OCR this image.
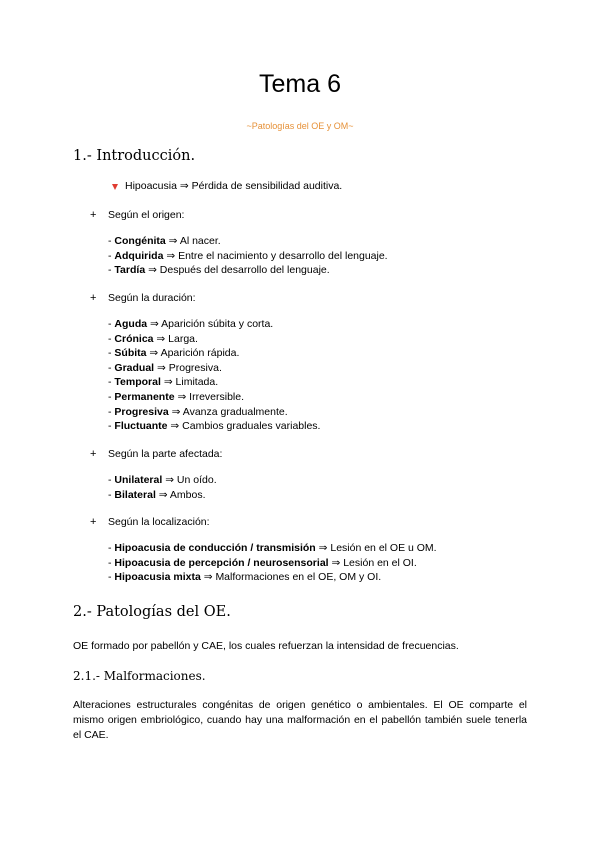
Tema 6
~Patologías del OE y OM~
1.- Introducción.
Hipoacusia ⇒ Pérdida de sensibilidad auditiva.
+ Según el origen:
- Congénita ⇒ Al nacer.
- Adquirida ⇒ Entre el nacimiento y desarrollo del lenguaje.
- Tardía ⇒ Después del desarrollo del lenguaje.
+ Según la duración:
- Aguda ⇒ Aparición súbita y corta.
- Crónica ⇒ Larga.
- Súbita ⇒ Aparición rápida.
- Gradual ⇒ Progresiva.
- Temporal ⇒ Limitada.
- Permanente ⇒ Irreversible.
- Progresiva ⇒ Avanza gradualmente.
- Fluctuante ⇒ Cambios graduales variables.
+ Según la parte afectada:
- Unilateral ⇒ Un oído.
- Bilateral ⇒ Ambos.
+ Según la localización:
- Hipoacusia de conducción / transmisión ⇒ Lesión en el OE u OM.
- Hipoacusia de percepción / neurosensorial ⇒ Lesión en el OI.
- Hipoacusia mixta ⇒ Malformaciones en el OE, OM y OI.
2.- Patologías del OE.
OE formado por pabellón y CAE, los cuales refuerzan la intensidad de frecuencias.
2.1.- Malformaciones.
Alteraciones estructurales congénitas de origen genético o ambientales. El OE comparte el mismo origen embriológico, cuando hay una malformación en el pabellón también suele tenerla el CAE.
